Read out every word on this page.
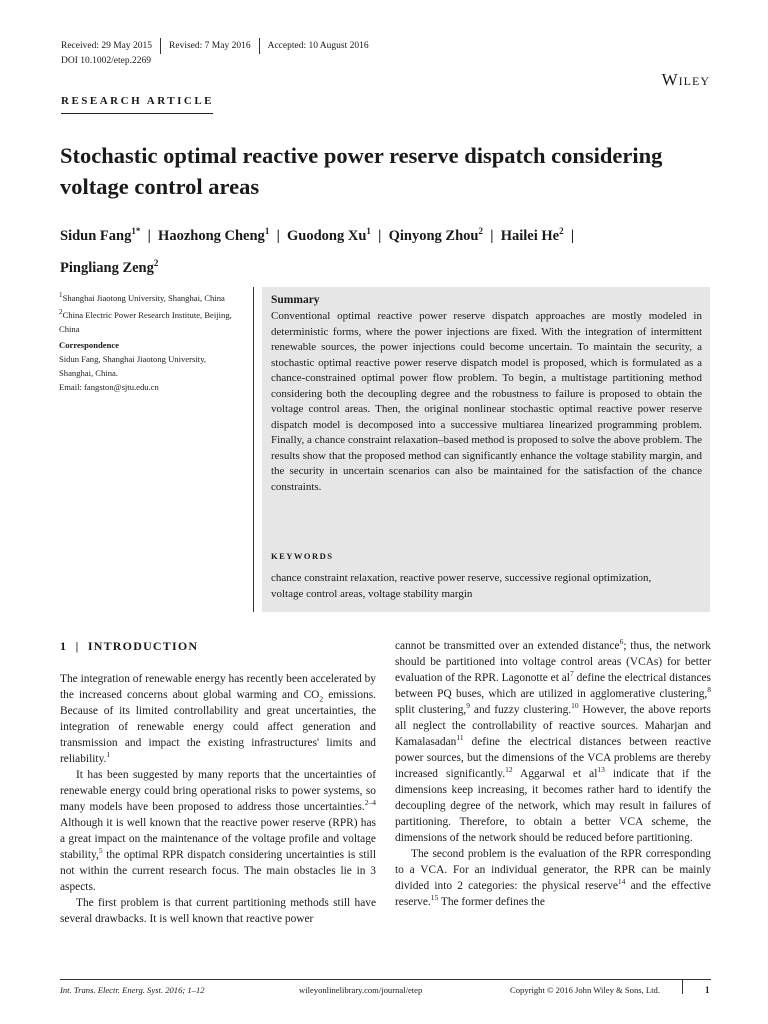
Received: 29 May 2015	Revised: 7 May 2016	Accepted: 10 August 2016
DOI 10.1002/etep.2269
Wiley
RESEARCH ARTICLE
Stochastic optimal reactive power reserve dispatch considering voltage control areas
Sidun Fang$^{1*}$  |  Haozhong Cheng$^1$  |  Guodong Xu$^1$  |  Qinyong Zhou$^2$  |  Hailei He$^2$  |
Pingliang Zeng$^2$
$^1$Shanghai Jiaotong University, Shanghai, China
$^2$China Electric Power Research Institute, Beijing, China
Correspondence
Sidun Fang, Shanghai Jiaotong University,
Shanghai, China.
Email: fangston@sjtu.edu.cn
Summary

Conventional optimal reactive power reserve dispatch approaches are mostly modeled in deterministic forms, where the power injections are fixed. With the integration of intermittent renewable sources, the power injections could become uncertain. To maintain the security, a stochastic optimal reactive power reserve dispatch model is proposed, which is formulated as a chance-constrained optimal power flow problem. To begin, a multistage partitioning method considering both the decoupling degree and the robustness to failure is proposed to obtain the voltage control areas. Then, the original nonlinear stochastic optimal reactive power reserve dispatch model is decomposed into a successive multiarea linearized programming problem. Finally, a chance constraint relaxation–based method is proposed to solve the above problem. The results show that the proposed method can significantly enhance the voltage stability margin, and the security in uncertain scenarios can also be maintained for the satisfaction of the chance constraints.

KEYWORDS

chance constraint relaxation, reactive power reserve, successive regional optimization,
voltage control areas, voltage stability margin

1  |  INTRODUCTION

The integration of renewable energy has recently been accelerated by the increased concerns about global warming and $CO_2$ emissions. Because of its limited controllability and great uncertainties, the integration of renewable energy could affect generation and transmission and impact the existing infrastructures' limits and reliability.$^1$

It has been suggested by many reports that the uncertainties of renewable energy could bring operational risks to power systems, so many models have been proposed to address those uncertainties.$^{2-4}$ Although it is well known that the reactive power reserve (RPR) has a great impact on the maintenance of the voltage profile and voltage stability,$^5$ the optimal RPR dispatch considering uncertainties is still not within the current research focus. The main obstacles lie in 3 aspects.

The first problem is that current partitioning methods still have several drawbacks. It is well known that reactive power

cannot be transmitted over an extended distance$^6$; thus, the network should be partitioned into voltage control areas (VCAs) for better evaluation of the RPR. Lagonotte et $al^7$ define the electrical distances between PQ buses, which are utilized in agglomerative clustering,$^8$ split clustering,$^9$ and fuzzy clustering.$^{10}$ However, the above reports all neglect the controllability of reactive sources. Maharjan and Kamalasadan$^{11}$ define the electrical distances between reactive power sources, but the dimensions of the VCA problems are thereby increased significantly.$^{12}$ Aggarwal et $al^{13}$ indicate that if the dimensions keep increasing, it becomes rather hard to identify the decoupling degree of the network, which may result in failures of partitioning. Therefore, to obtain a better VCA scheme, the dimensions of the network should be reduced before partitioning.

The second problem is the evaluation of the RPR corresponding to a VCA. For an individual generator, the RPR can be mainly divided into 2 categories: the physical reserve$^{14}$ and the effective reserve.$^{15}$ The former defines the

Int. Trans. Electr. Energ. Syst. 2016; 1–12	wileyonlinelibrary.com/journal/etep	Copyright © 2016 John Wiley & Sons, Ltd.	1
